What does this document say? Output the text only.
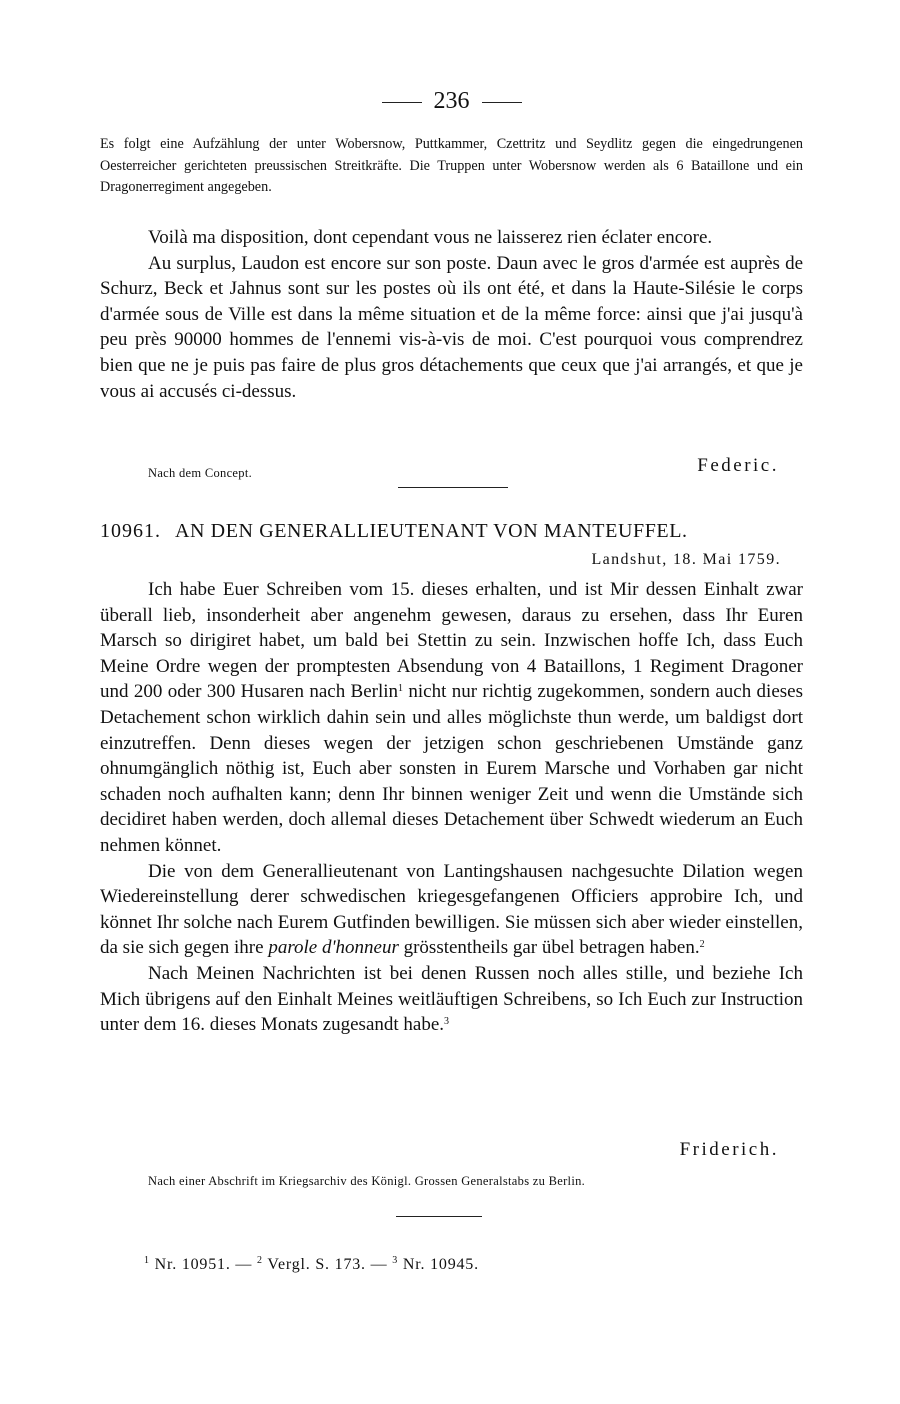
236
Es folgt eine Aufzählung der unter Wobersnow, Puttkammer, Czettritz und Seydlitz gegen die eingedrungenen Oesterreicher gerichteten preussischen Streitkräfte. Die Truppen unter Wobersnow werden als 6 Bataillone und ein Dragonerregiment angegeben.

Voilà ma disposition, dont cependant vous ne laisserez rien éclater encore.

Au surplus, Laudon est encore sur son poste. Daun avec le gros d'armée est auprès de Schurz, Beck et Jahnus sont sur les postes où ils ont été, et dans la Haute-Silésie le corps d'armée sous de Ville est dans la même situation et de la même force: ainsi que j'ai jusqu'à peu près 90000 hommes de l'ennemi vis-à-vis de moi. C'est pourquoi vous comprendrez bien que ne je puis pas faire de plus gros détachements que ceux que j'ai arrangés, et que je vous ai accusés ci-dessus.

Nach dem Concept.	Federic.
10961. AN DEN GENERALLIEUTENANT VON MANTEUFFEL.
Landshut, 18. Mai 1759.

Ich habe Euer Schreiben vom 15. dieses erhalten, und ist Mir dessen Einhalt zwar überall lieb, insonderheit aber angenehm gewesen, daraus zu ersehen, dass Ihr Euren Marsch so dirigiret habet, um bald bei Stettin zu sein. Inzwischen hoffe Ich, dass Euch Meine Ordre wegen der promptesten Absendung von 4 Bataillons, 1 Regiment Dragoner und 200 oder 300 Husaren nach Berlin$^1$ nicht nur richtig zugekommen, sondern auch dieses Detachement schon wirklich dahin sein und alles möglichste thun werde, um baldigst dort einzutreffen. Denn dieses wegen der jetzigen schon geschriebenen Umstände ganz ohnumgänglich nöthig ist, Euch aber sonsten in Eurem Marsche und Vorhaben gar nicht schaden noch aufhalten kann; denn Ihr binnen weniger Zeit und wenn die Umstände sich decidiret haben werden, doch allemal dieses Detachement über Schwedt wiederum an Euch nehmen könnet.

Die von dem Generallieutenant von Lantingshausen nachgesuchte Dilation wegen Wiedereinstellung derer schwedischen kriegesgefangenen Officiers approbire Ich, und könnet Ihr solche nach Eurem Gutfinden bewilligen. Sie müssen sich aber wieder einstellen, da sie sich gegen ihre parole d'honneur grösstentheils gar übel betragen haben.$^2$

Nach Meinen Nachrichten ist bei denen Russen noch alles stille, und beziehe Ich Mich übrigens auf den Einhalt Meines weitläuftigen Schreibens, so Ich Euch zur Instruction unter dem 16. dieses Monats zugesandt habe.$^3$

Friderich.
Nach einer Abschrift im Kriegsarchiv des Königl. Grossen Generalstabs zu Berlin.
$^1$ Nr. 10951. — $^2$ Vergl. S. 173. — $^3$ Nr. 10945.
